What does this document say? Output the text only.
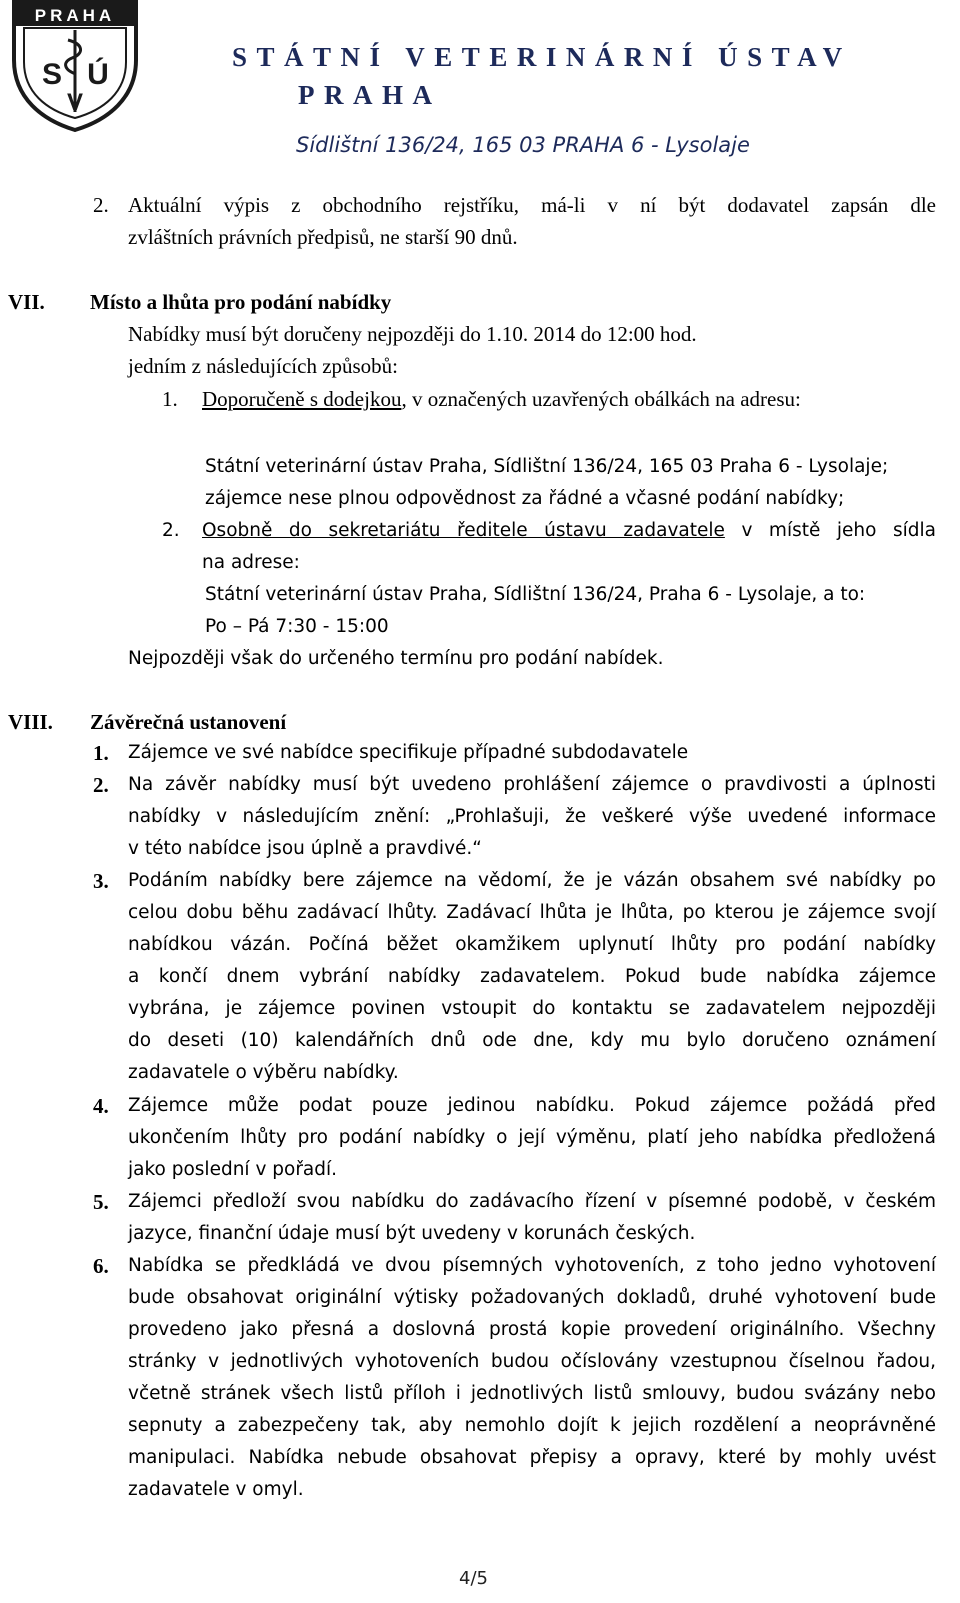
PRAHA
S Ú
V
STÁTNÍ VETERINÁRNÍ ÚSTAV
PRAHA
Sídlištní 136/24, 165 03 PRAHA 6 - Lysolaje
2. Aktuální výpis z obchodního rejstříku, má-li v ní být dodavatel zapsán dle
zvláštních právních předpisů, ne starší 90 dnů.
VII. Místo a lhůta pro podání nabídky
Nabídky musí být doručeny nejpozději do 1.10. 2014 do 12:00 hod.
jedním z následujících způsobů:
1. Doporučeně s dodejkou, v označených uzavřených obálkách na adresu:
Státní veterinární ústav Praha, Sídlištní 136/24, 165 03 Praha 6 - Lysolaje;
zájemce nese plnou odpovědnost za řádné a včasné podání nabídky;
2. Osobně do sekretariátu ředitele ústavu zadavatele v místě jeho sídla
na adrese:
Státní veterinární ústav Praha, Sídlištní 136/24, Praha 6 - Lysolaje, a to:
Po – Pá 7:30 - 15:00
Nejpozději však do určeného termínu pro podání nabídek.
VIII. Závěrečná ustanovení
1. Zájemce ve své nabídce specifikuje případné subdodavatele
2. Na závěr nabídky musí být uvedeno prohlášení zájemce o pravdivosti a úplnosti
nabídky v následujícím znění: „Prohlašuji, že veškeré výše uvedené informace
v této nabídce jsou úplně a pravdivé.“
3. Podáním nabídky bere zájemce na vědomí, že je vázán obsahem své nabídky po
celou dobu běhu zadávací lhůty. Zadávací lhůta je lhůta, po kterou je zájemce svojí
nabídkou vázán. Počíná běžet okamžikem uplynutí lhůty pro podání nabídky
a končí dnem vybrání nabídky zadavatelem. Pokud bude nabídka zájemce
vybrána, je zájemce povinen vstoupit do kontaktu se zadavatelem nejpozději
do deseti (10) kalendářních dnů ode dne, kdy mu bylo doručeno oznámení
zadavatele o výběru nabídky.
4. Zájemce může podat pouze jedinou nabídku. Pokud zájemce požádá před
ukončením lhůty pro podání nabídky o její výměnu, platí jeho nabídka předložená
jako poslední v pořadí.
5. Zájemci předloží svou nabídku do zadávacího řízení v písemné podobě, v českém
jazyce, finanční údaje musí být uvedeny v korunách českých.
6. Nabídka se předkládá ve dvou písemných vyhotoveních, z toho jedno vyhotovení
bude obsahovat originální výtisky požadovaných dokladů, druhé vyhotovení bude
provedeno jako přesná a doslovná prostá kopie provedení originálního. Všechny
stránky v jednotlivých vyhotoveních budou očíslovány vzestupnou číselnou řadou,
včetně stránek všech listů příloh i jednotlivých listů smlouvy, budou svázány nebo
sepnuty a zabezpečeny tak, aby nemohlo dojít k jejich rozdělení a neoprávněné
manipulaci. Nabídka nebude obsahovat přepisy a opravy, které by mohly uvést
zadavatele v omyl.
4/5
